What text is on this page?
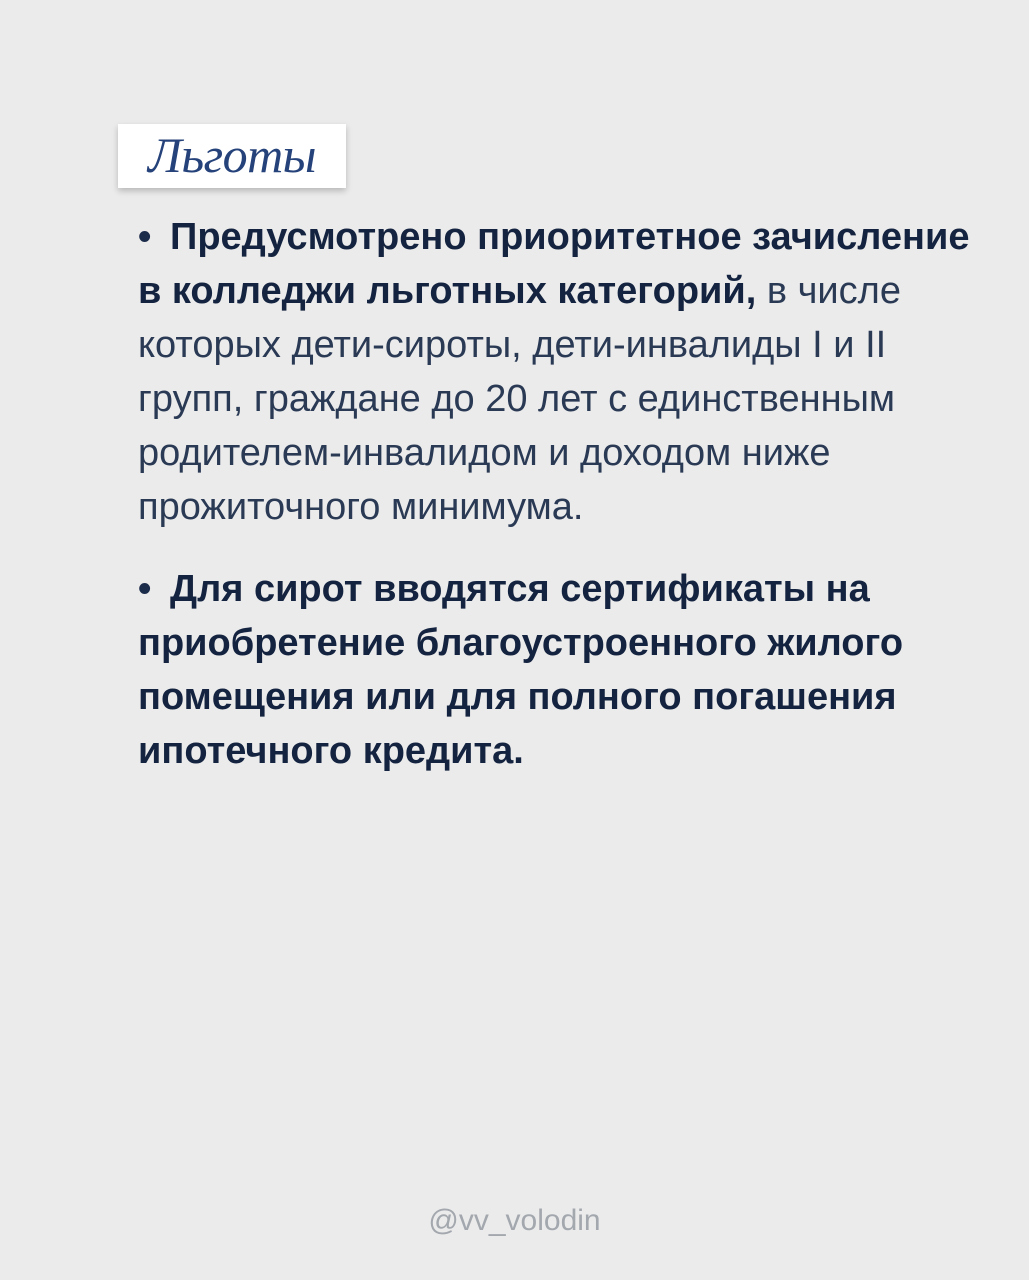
Льготы

• Предусмотрено приоритетное зачисление в колледжи льготных категорий, в числе которых дети-сироты, дети-инвалиды I и II групп, граждане до 20 лет с единственным родителем-инвалидом и доходом ниже прожиточного минимума.

• Для сирот вводятся сертификаты на приобретение благоустроенного жилого помещения или для полного погашения ипотечного кредита.

@vv_volodin
